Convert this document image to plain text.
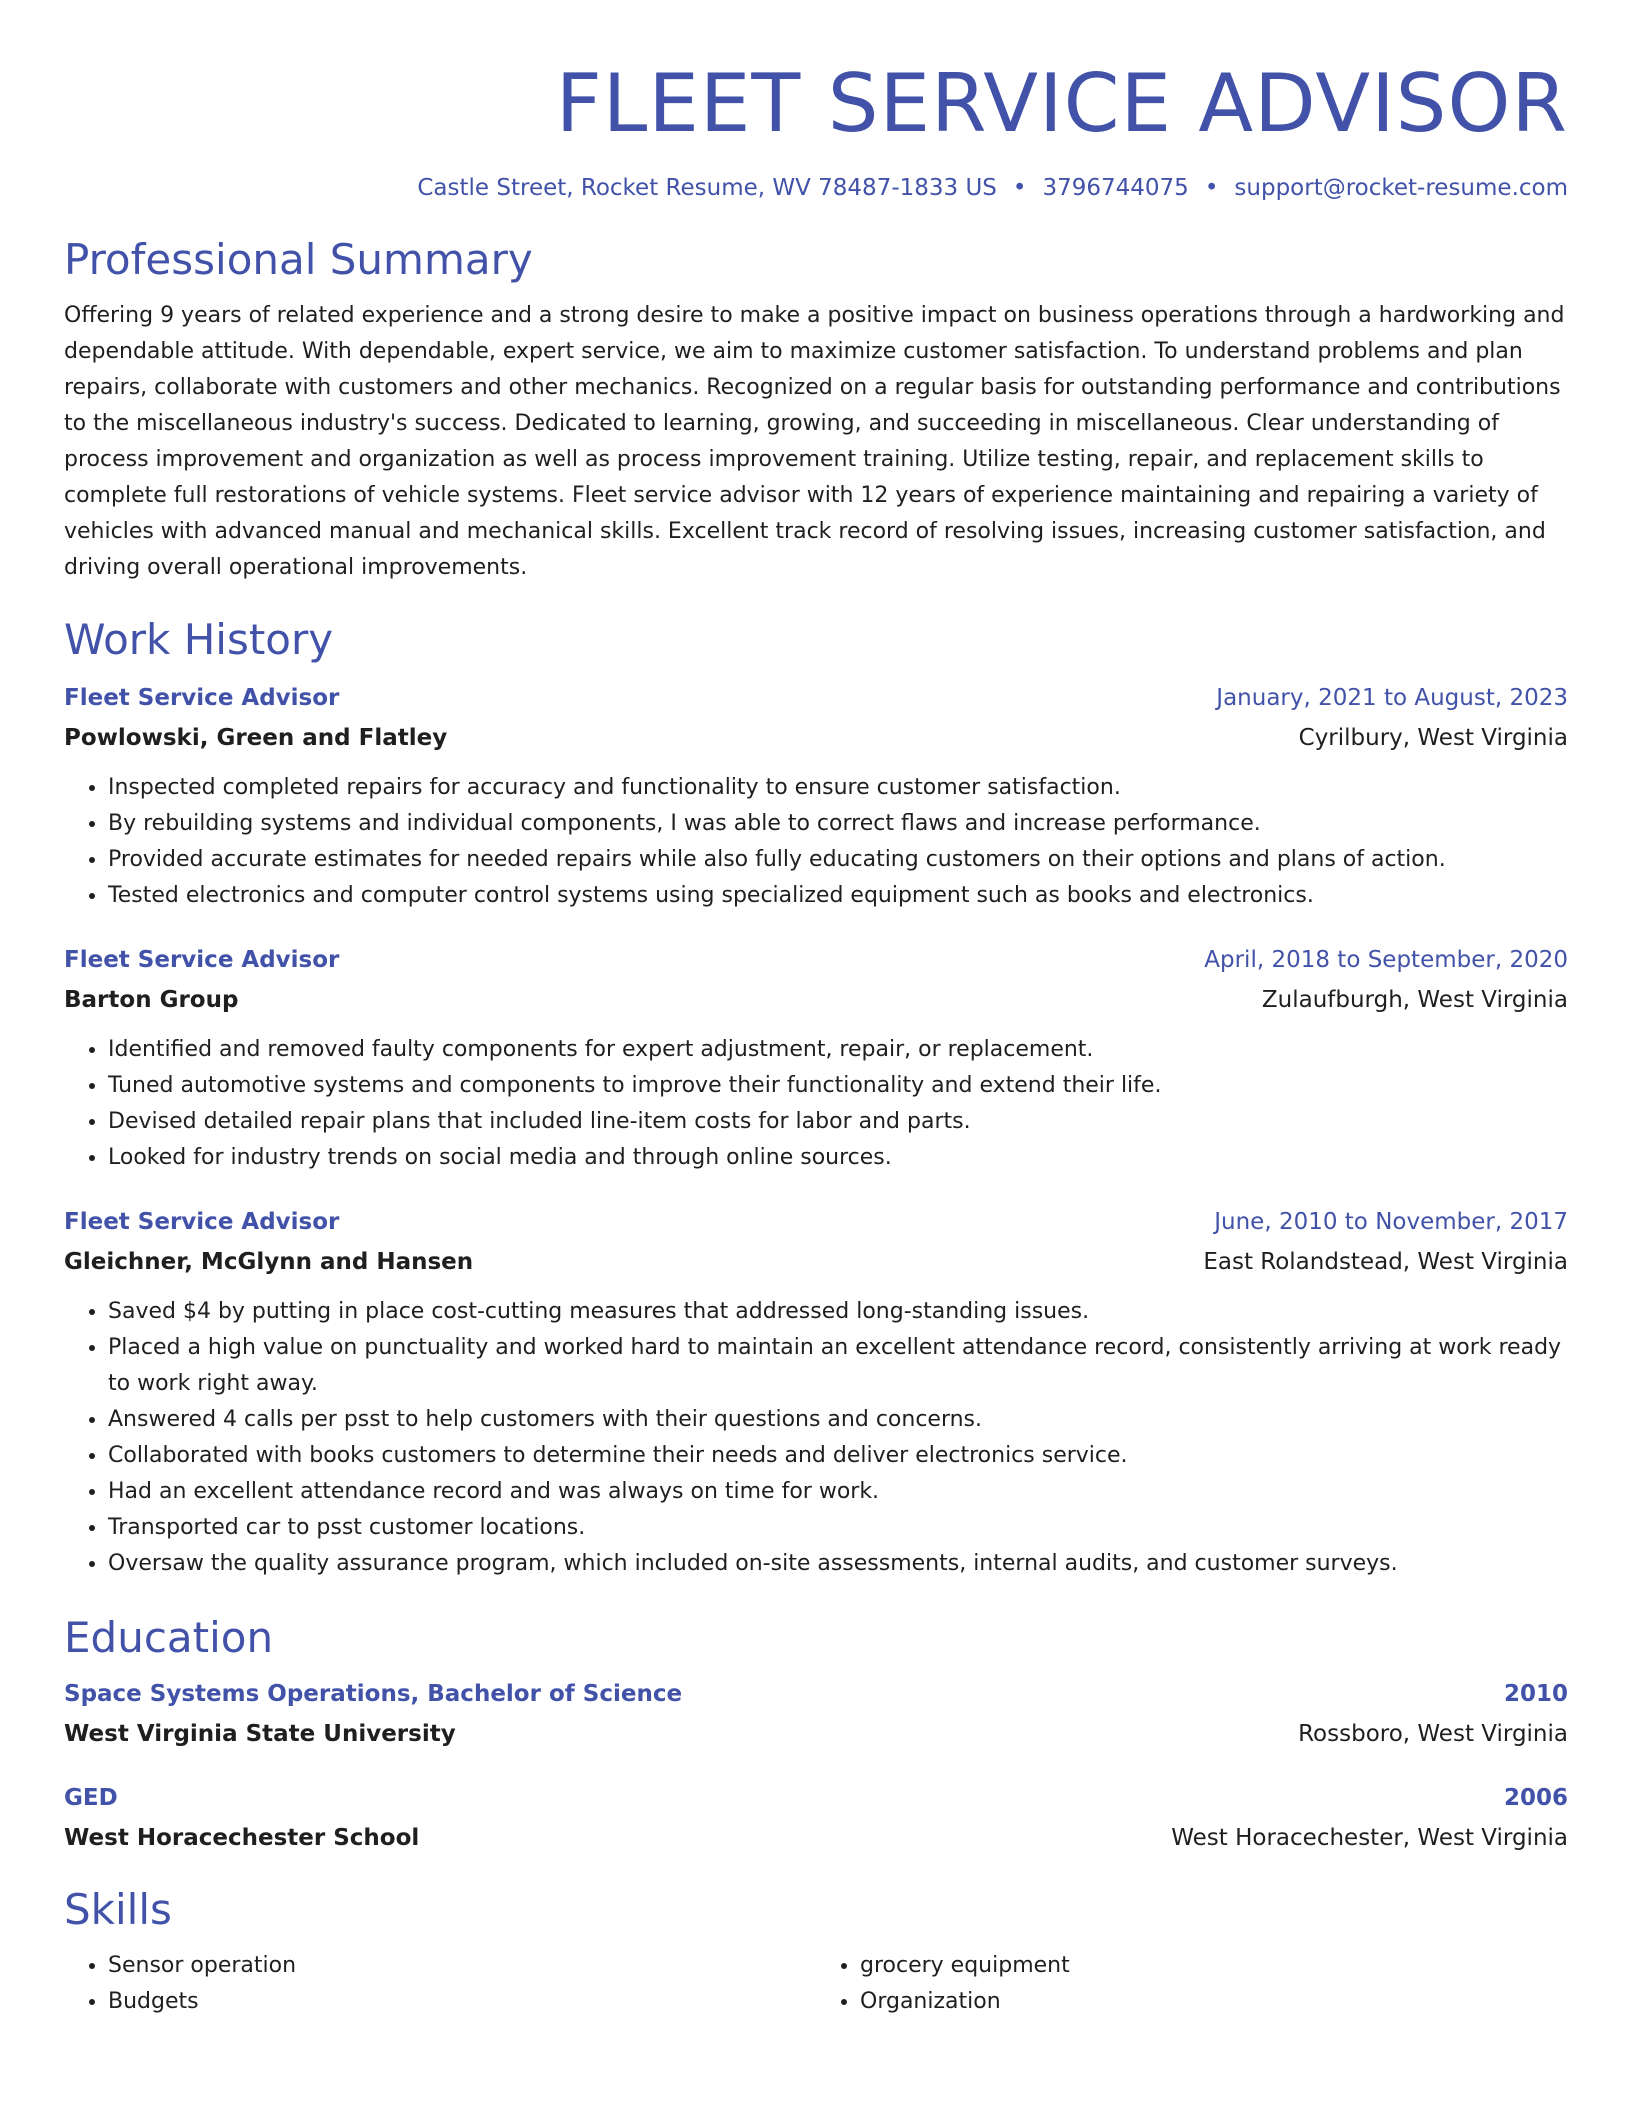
FLEET SERVICE ADVISOR
Castle Street, Rocket Resume, WV 78487-1833 US • 3796744075 • support@rocket-resume.com
Professional Summary
Offering 9 years of related experience and a strong desire to make a positive impact on business operations through a hardworking and dependable attitude. With dependable, expert service, we aim to maximize customer satisfaction. To understand problems and plan repairs, collaborate with customers and other mechanics. Recognized on a regular basis for outstanding performance and contributions to the miscellaneous industry's success. Dedicated to learning, growing, and succeeding in miscellaneous. Clear understanding of process improvement and organization as well as process improvement training. Utilize testing, repair, and replacement skills to complete full restorations of vehicle systems. Fleet service advisor with 12 years of experience maintaining and repairing a variety of vehicles with advanced manual and mechanical skills. Excellent track record of resolving issues, increasing customer satisfaction, and driving overall operational improvements.
Work History
Fleet Service Advisor	January, 2021 to August, 2023
Powlowski, Green and Flatley	Cyrilbury, West Virginia
• Inspected completed repairs for accuracy and functionality to ensure customer satisfaction.
• By rebuilding systems and individual components, I was able to correct flaws and increase performance.
• Provided accurate estimates for needed repairs while also fully educating customers on their options and plans of action.
• Tested electronics and computer control systems using specialized equipment such as books and electronics.
Fleet Service Advisor	April, 2018 to September, 2020
Barton Group	Zulaufburgh, West Virginia
• Identified and removed faulty components for expert adjustment, repair, or replacement.
• Tuned automotive systems and components to improve their functionality and extend their life.
• Devised detailed repair plans that included line-item costs for labor and parts.
• Looked for industry trends on social media and through online sources.
Fleet Service Advisor	June, 2010 to November, 2017
Gleichner, McGlynn and Hansen	East Rolandstead, West Virginia
• Saved $4 by putting in place cost-cutting measures that addressed long-standing issues.
• Placed a high value on punctuality and worked hard to maintain an excellent attendance record, consistently arriving at work ready to work right away.
• Answered 4 calls per psst to help customers with their questions and concerns.
• Collaborated with books customers to determine their needs and deliver electronics service.
• Had an excellent attendance record and was always on time for work.
• Transported car to psst customer locations.
• Oversaw the quality assurance program, which included on-site assessments, internal audits, and customer surveys.
Education
Space Systems Operations, Bachelor of Science	2010
West Virginia State University	Rossboro, West Virginia
GED	2006
West Horacechester School	West Horacechester, West Virginia
Skills
• Sensor operation
• Budgets
• grocery equipment
• Organization
